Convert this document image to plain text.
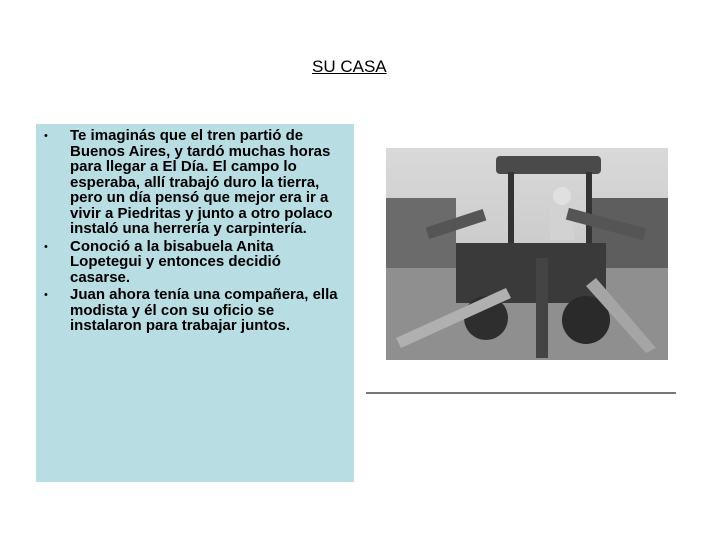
SU CASA
• Te imaginás que el tren partió de Buenos Aires, y tardó muchas horas para llegar a El Día. El campo lo esperaba, allí trabajó duro la tierra, pero un día pensó que mejor era ir a vivir a Piedritas y junto a otro polaco instaló una herrería y carpintería.
• Conoció a la bisabuela Anita Lopetegui y entonces decidió casarse.
• Juan ahora tenía una compañera, ella modista y él con su oficio se instalaron para trabajar juntos.
